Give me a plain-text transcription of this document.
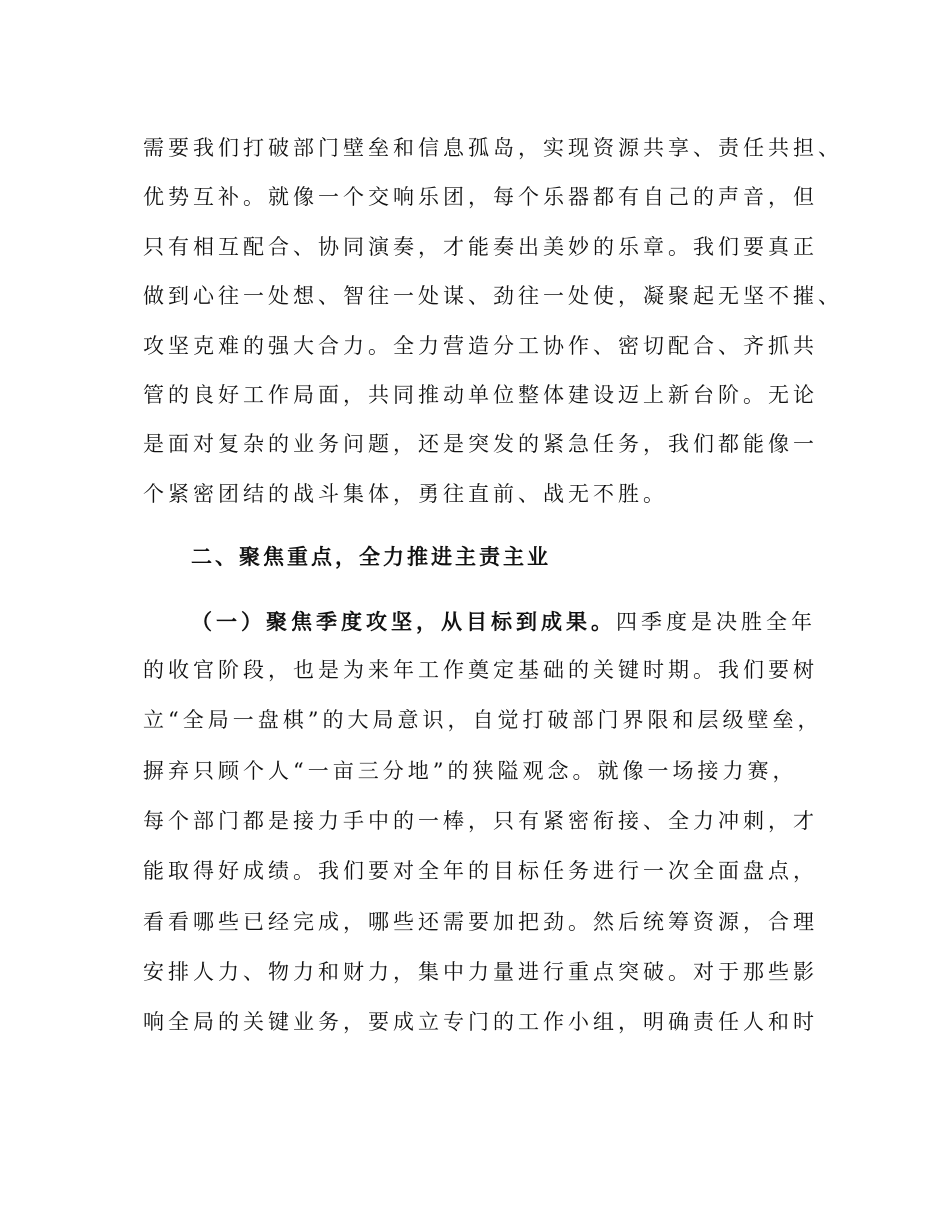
需要我们打破部门壁垒和信息孤岛，实现资源共享、责任共担、
优势互补。就像一个交响乐团，每个乐器都有自己的声音，但
只有相互配合、协同演奏，才能奏出美妙的乐章。我们要真正
做到心往一处想、智往一处谋、劲往一处使，凝聚起无坚不摧、
攻坚克难的强大合力。全力营造分工协作、密切配合、齐抓共
管的良好工作局面，共同推动单位整体建设迈上新台阶。无论
是面对复杂的业务问题，还是突发的紧急任务，我们都能像一
个紧密团结的战斗集体，勇往直前、战无不胜。
二、聚焦重点，全力推进主责主业
（一）聚焦季度攻坚，从目标到成果。四季度是决胜全年
的收官阶段，也是为来年工作奠定基础的关键时期。我们要树
立“全局一盘棋”的大局意识，自觉打破部门界限和层级壁垒，
摒弃只顾个人“一亩三分地”的狭隘观念。就像一场接力赛，
每个部门都是接力手中的一棒，只有紧密衔接、全力冲刺，才
能取得好成绩。我们要对全年的目标任务进行一次全面盘点，
看看哪些已经完成，哪些还需要加把劲。然后统筹资源，合理
安排人力、物力和财力，集中力量进行重点突破。对于那些影
响全局的关键业务，要成立专门的工作小组，明确责任人和时
